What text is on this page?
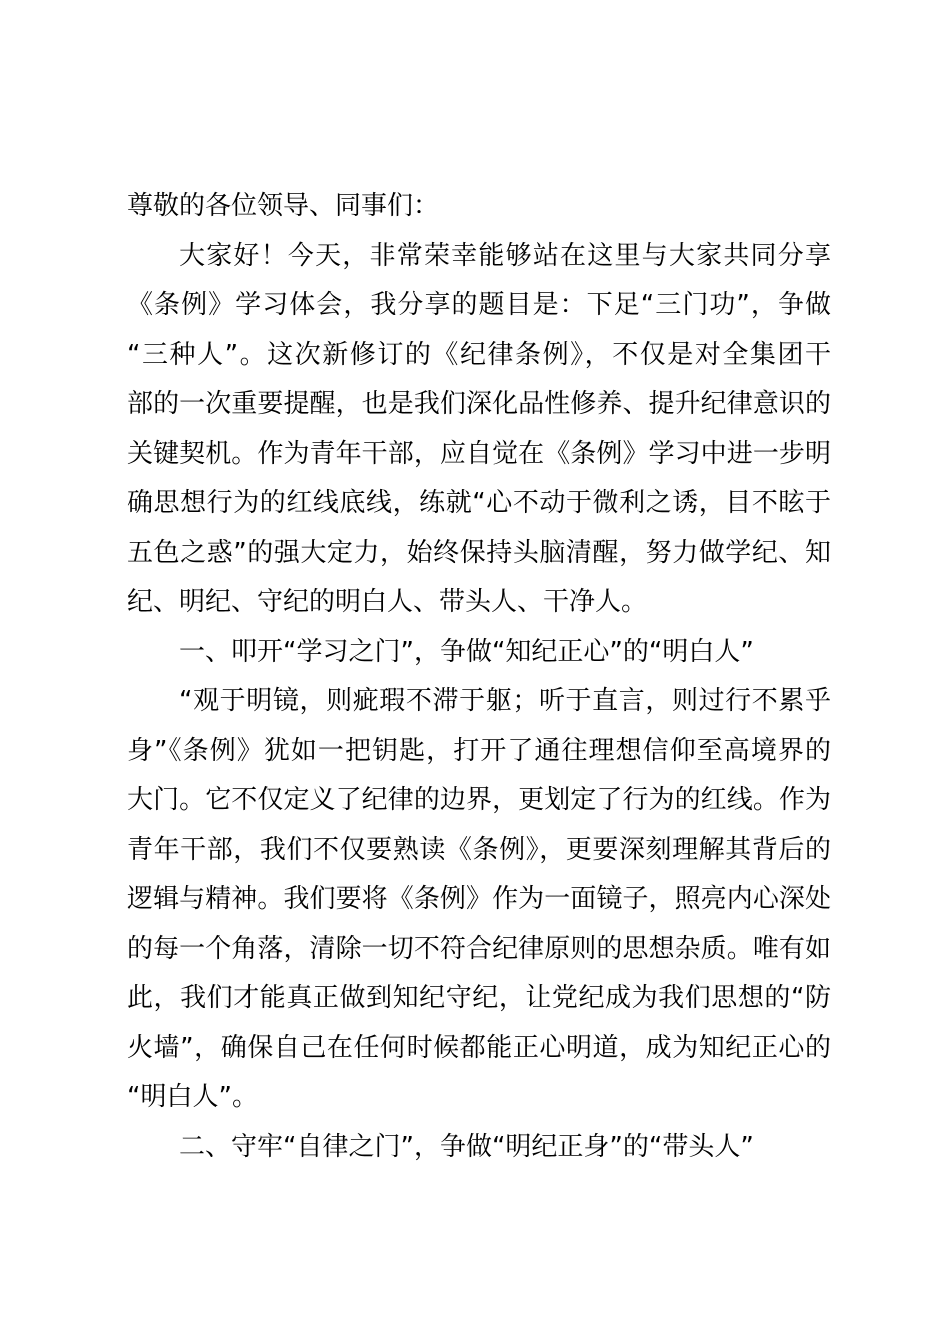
尊敬的各位领导、同事们：
大家好！今天，非常荣幸能够站在这里与大家共同分享
《条例》学习体会，我分享的题目是：下足“三门功”，争做
“三种人”。这次新修订的《纪律条例》，不仅是对全集团干
部的一次重要提醒，也是我们深化品性修养、提升纪律意识的
关键契机。作为青年干部，应自觉在《条例》学习中进一步明
确思想行为的红线底线，练就“心不动于微利之诱，目不眩于
五色之惑”的强大定力，始终保持头脑清醒，努力做学纪、知
纪、明纪、守纪的明白人、带头人、干净人。
一、叩开“学习之门”，争做“知纪正心”的“明白人”
“观于明镜，则疵瑕不滞于躯；听于直言，则过行不累乎
身”《条例》犹如一把钥匙，打开了通往理想信仰至高境界的
大门。它不仅定义了纪律的边界，更划定了行为的红线。作为
青年干部，我们不仅要熟读《条例》，更要深刻理解其背后的
逻辑与精神。我们要将《条例》作为一面镜子，照亮内心深处
的每一个角落，清除一切不符合纪律原则的思想杂质。唯有如
此，我们才能真正做到知纪守纪，让党纪成为我们思想的“防
火墙”，确保自己在任何时候都能正心明道，成为知纪正心的
“明白人”。
二、守牢“自律之门”，争做“明纪正身”的“带头人”
